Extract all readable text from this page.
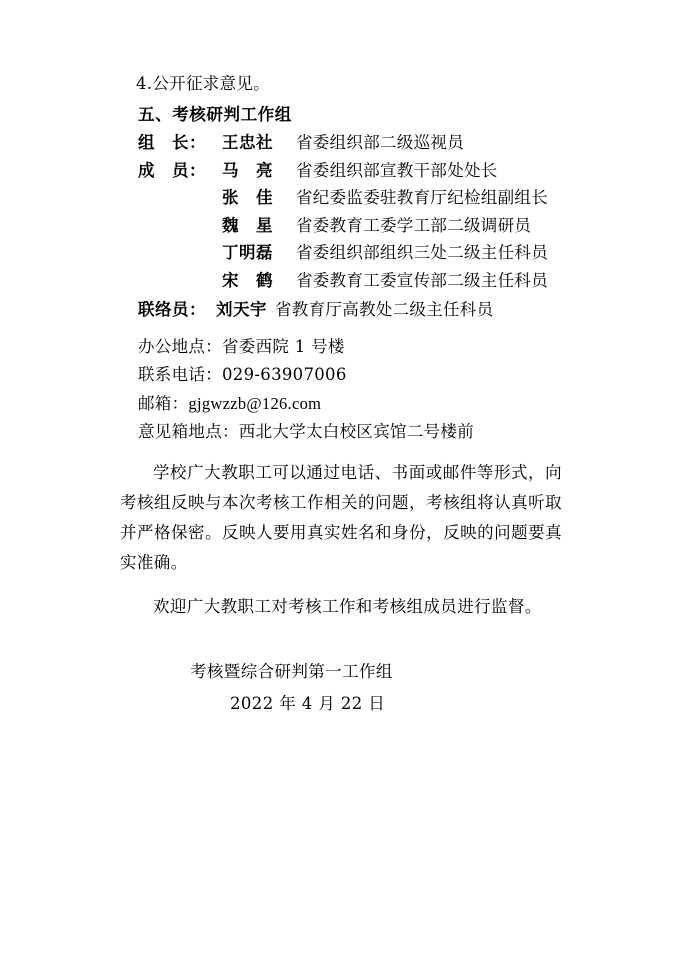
4.公开征求意见。
五、考核研判工作组
组　长： 王忠社	省委组织部二级巡视员
成　员： 马　亮	省委组织部宣教干部处处长
张　佳	省纪委监委驻教育厅纪检组副组长
魏　星	省委教育工委学工部二级调研员
丁明磊	省委组织部组织三处二级主任科员
宋　鹤	省委教育工委宣传部二级主任科员
联络员： 刘天宇 省教育厅高教处二级主任科员
办公地点：省委西院 1 号楼
联系电话：029-63907006
邮箱：gjgwzzb@126.com
意见箱地点：西北大学太白校区宾馆二号楼前
学校广大教职工可以通过电话、书面或邮件等形式，向考核组反映与本次考核工作相关的问题，考核组将认真听取并严格保密。反映人要用真实姓名和身份，反映的问题要真实准确。
欢迎广大教职工对考核工作和考核组成员进行监督。
考核暨综合研判第一工作组
2022 年 4 月 22 日
